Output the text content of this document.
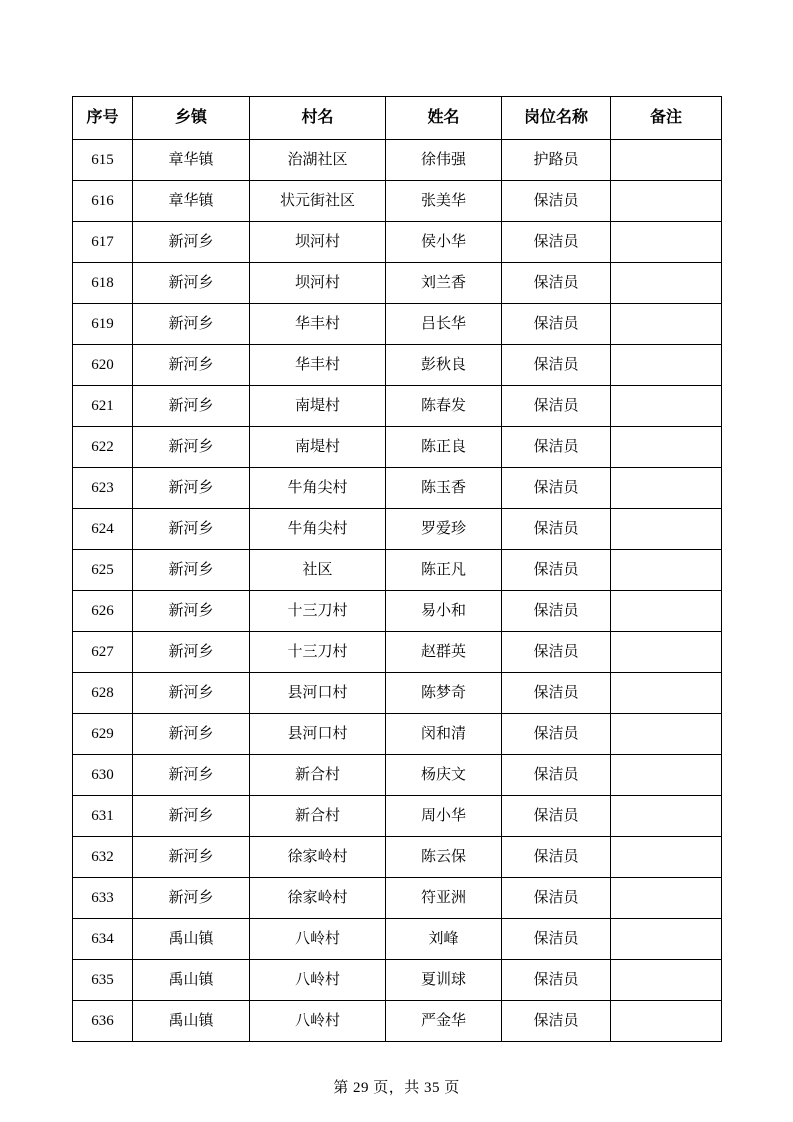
序号	乡镇	村名	姓名	岗位名称	备注
615	章华镇	治湖社区	徐伟强	护路员	
616	章华镇	状元街社区	张美华	保洁员	
617	新河乡	坝河村	侯小华	保洁员	
618	新河乡	坝河村	刘兰香	保洁员	
619	新河乡	华丰村	吕长华	保洁员	
620	新河乡	华丰村	彭秋良	保洁员	
621	新河乡	南堤村	陈春发	保洁员	
622	新河乡	南堤村	陈正良	保洁员	
623	新河乡	牛角尖村	陈玉香	保洁员	
624	新河乡	牛角尖村	罗爱珍	保洁员	
625	新河乡	社区	陈正凡	保洁员	
626	新河乡	十三刀村	易小和	保洁员	
627	新河乡	十三刀村	赵群英	保洁员	
628	新河乡	县河口村	陈梦奇	保洁员	
629	新河乡	县河口村	闵和清	保洁员	
630	新河乡	新合村	杨庆文	保洁员	
631	新河乡	新合村	周小华	保洁员	
632	新河乡	徐家岭村	陈云保	保洁员	
633	新河乡	徐家岭村	符亚洲	保洁员	
634	禹山镇	八岭村	刘峰	保洁员	
635	禹山镇	八岭村	夏训球	保洁员	
636	禹山镇	八岭村	严金华	保洁员	
第 29 页，共 35 页
